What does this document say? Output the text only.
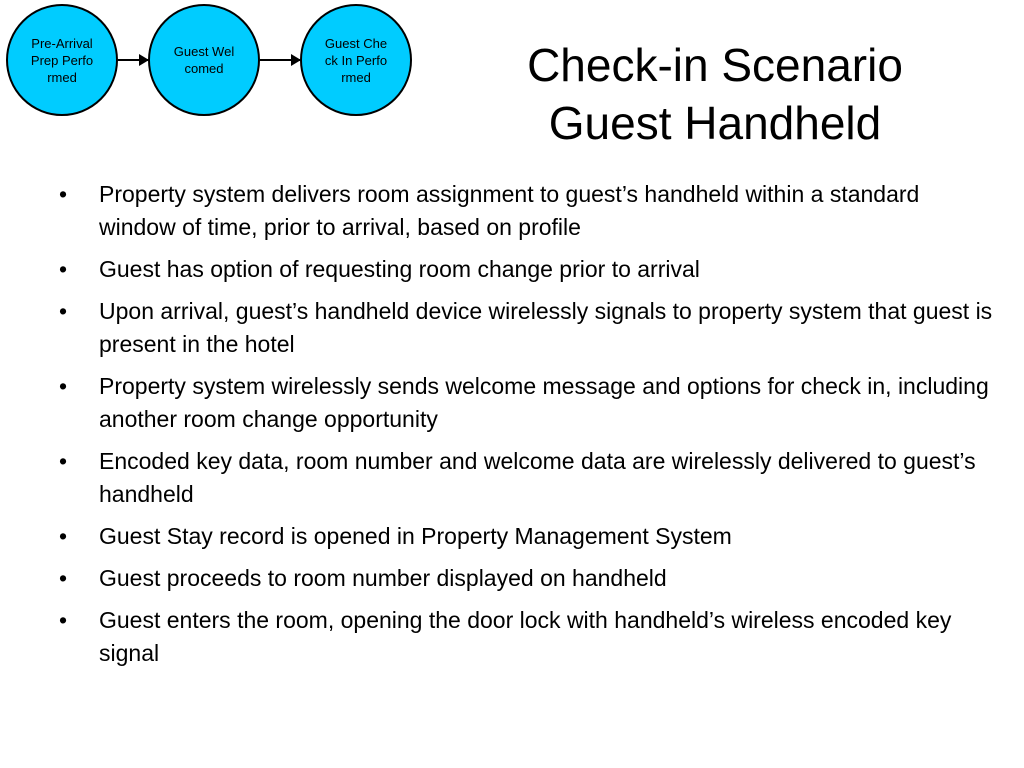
Pre-Arrival Prep Performed
Guest Welcomed
Guest Check In Performed	Check-in Scenario
Guest Handheld
• Property system delivers room assignment to guest’s handheld within a standard window of time, prior to arrival, based on profile
• Guest has option of requesting room change prior to arrival
• Upon arrival, guest’s handheld device wirelessly signals to property system that guest is present in the hotel
• Property system wirelessly sends welcome message and options for check in, including another room change opportunity
• Encoded key data, room number and welcome data are wirelessly delivered to guest’s handheld
• Guest Stay record is opened in Property Management System
• Guest proceeds to room number displayed on handheld
• Guest enters the room, opening the door lock with handheld’s wireless encoded key signal
